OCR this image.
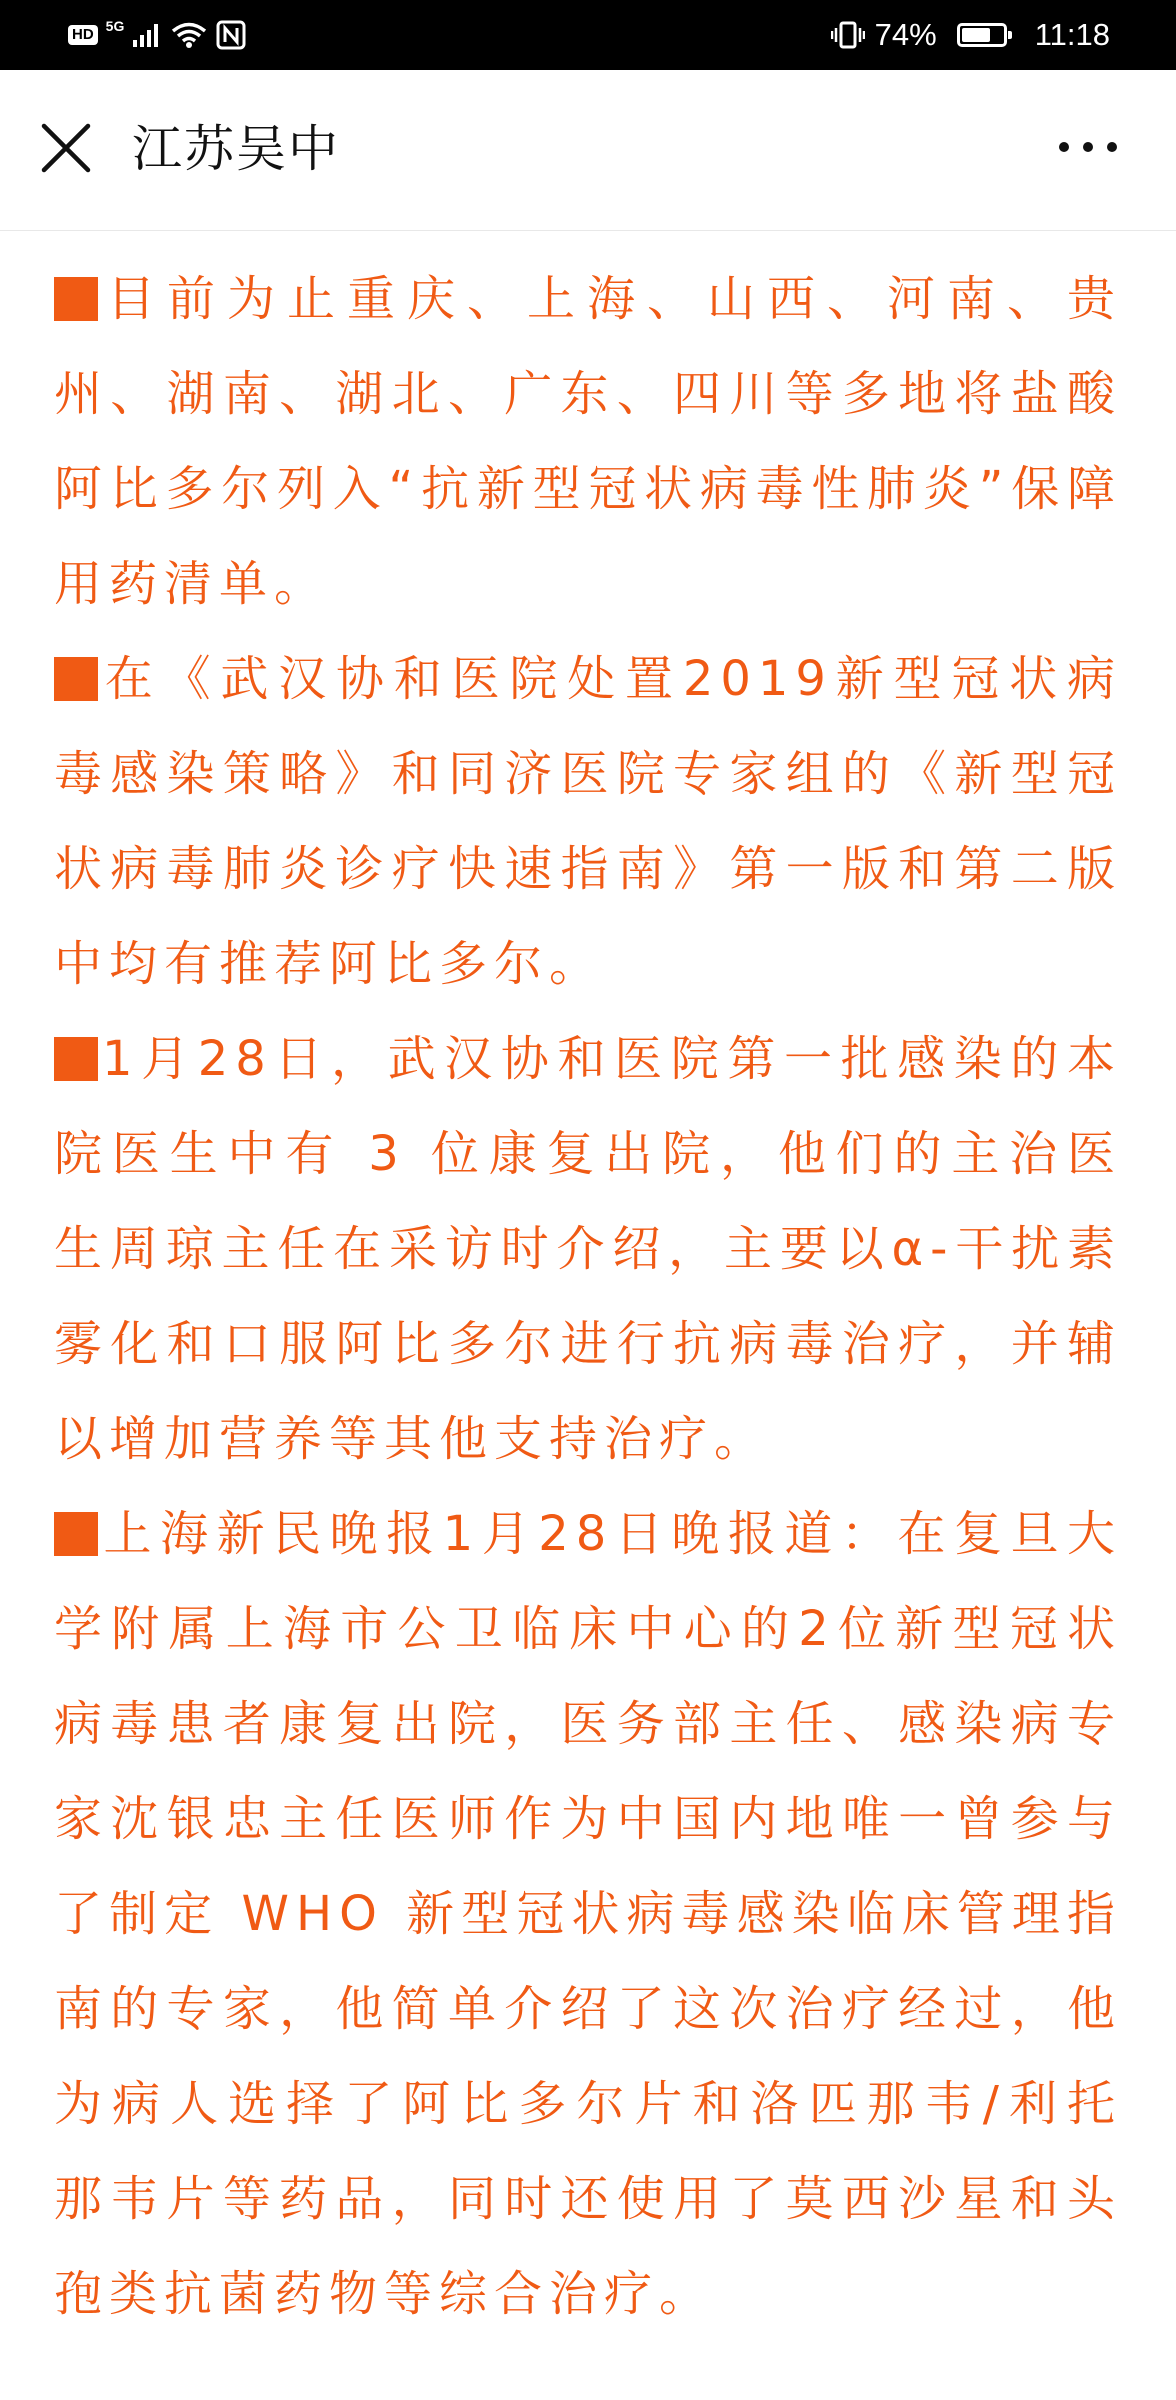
HD 5G	74%	11:18
江苏吴中

目前为止重庆、上海、山西、河南、贵州、湖南、湖北、广东、四川等多地将盐酸阿比多尔列入“抗新型冠状病毒性肺炎”保障用药清单。

在《武汉协和医院处置2019新型冠状病毒感染策略》和同济医院专家组的《新型冠状病毒肺炎诊疗快速指南》第一版和第二版中均有推荐阿比多尔。

1月28日，武汉协和医院第一批感染的本院医生中有 3 位康复出院，他们的主治医生周琼主任在采访时介绍，主要以α-干扰素雾化和口服阿比多尔进行抗病毒治疗，并辅以增加营养等其他支持治疗。

上海新民晚报1月28日晚报道：在复旦大学附属上海市公卫临床中心的2位新型冠状病毒患者康复出院，医务部主任、感染病专家沈银忠主任医师作为中国内地唯一曾参与了制定 WHO 新型冠状病毒感染临床管理指南的专家，他简单介绍了这次治疗经过，他为病人选择了阿比多尔片和洛匹那韦/利托那韦片等药品，同时还使用了莫西沙星和头孢类抗菌药物等综合治疗。
